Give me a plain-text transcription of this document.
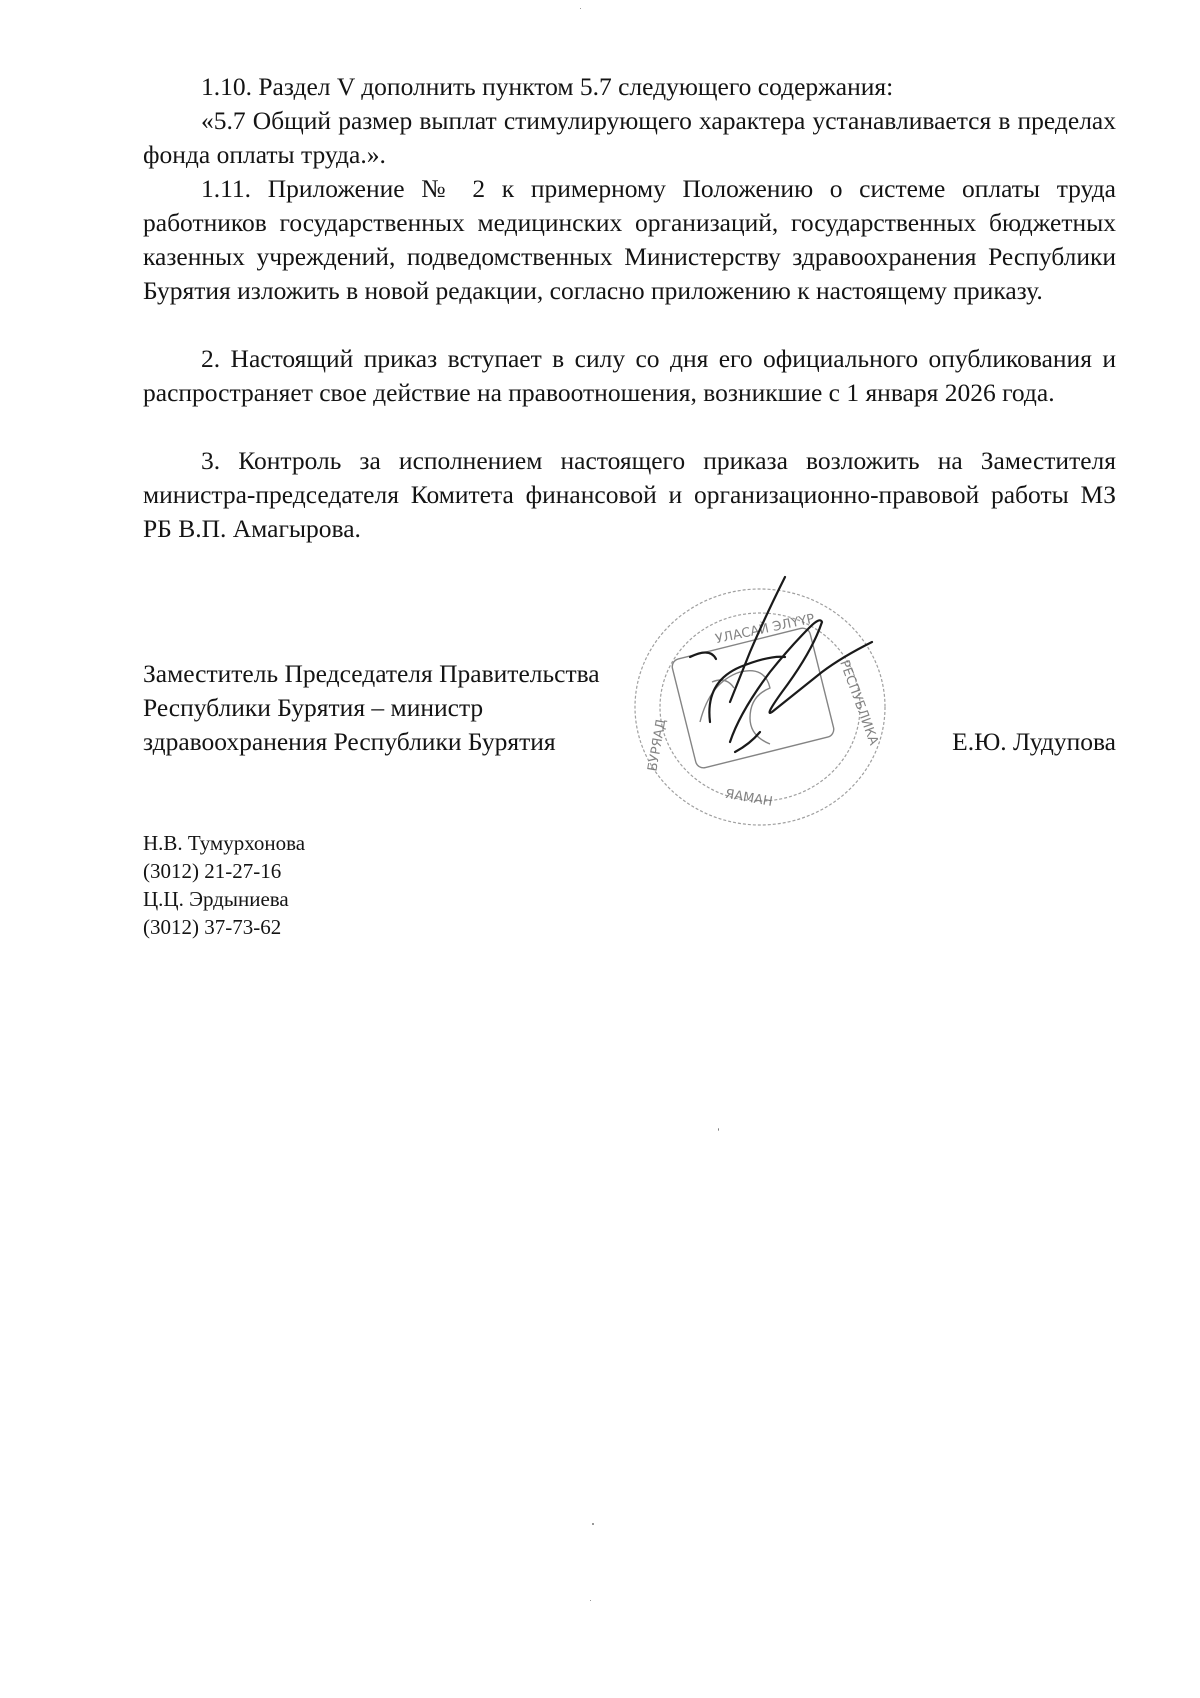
1.10. Раздел V дополнить пунктом 5.7 следующего содержания:

«5.7 Общий размер выплат стимулирующего характера устанавливается в пределах фонда оплаты труда.».

1.11. Приложение № 2 к примерному Положению о системе оплаты труда работников государственных медицинских организаций, государственных бюджетных казенных учреждений, подведомственных Министерству здравоохранения Республики Бурятия изложить в новой редакции, согласно приложению к настоящему приказу.

2. Настоящий приказ вступает в силу со дня его официального опубликования и распространяет свое действие на правоотношения, возникшие с 1 января 2026 года.

3. Контроль за исполнением настоящего приказа возложить на Заместителя министра-председателя Комитета финансовой и организационно-правовой работы МЗ РБ В.П. Амагырова.

УЛАСАЙ ЭЛҮҮР
БУРЯАД	РЕСПУБЛИКА
ЯАМАН
Заместитель Председателя Правительства
Республики Бурятия – министр
здравоохранения Республики Бурятия	Е.Ю. Лудупова
Н.В. Тумурхонова
(3012) 21-27-16
Ц.Ц. Эрдыниева
(3012) 37-73-62
